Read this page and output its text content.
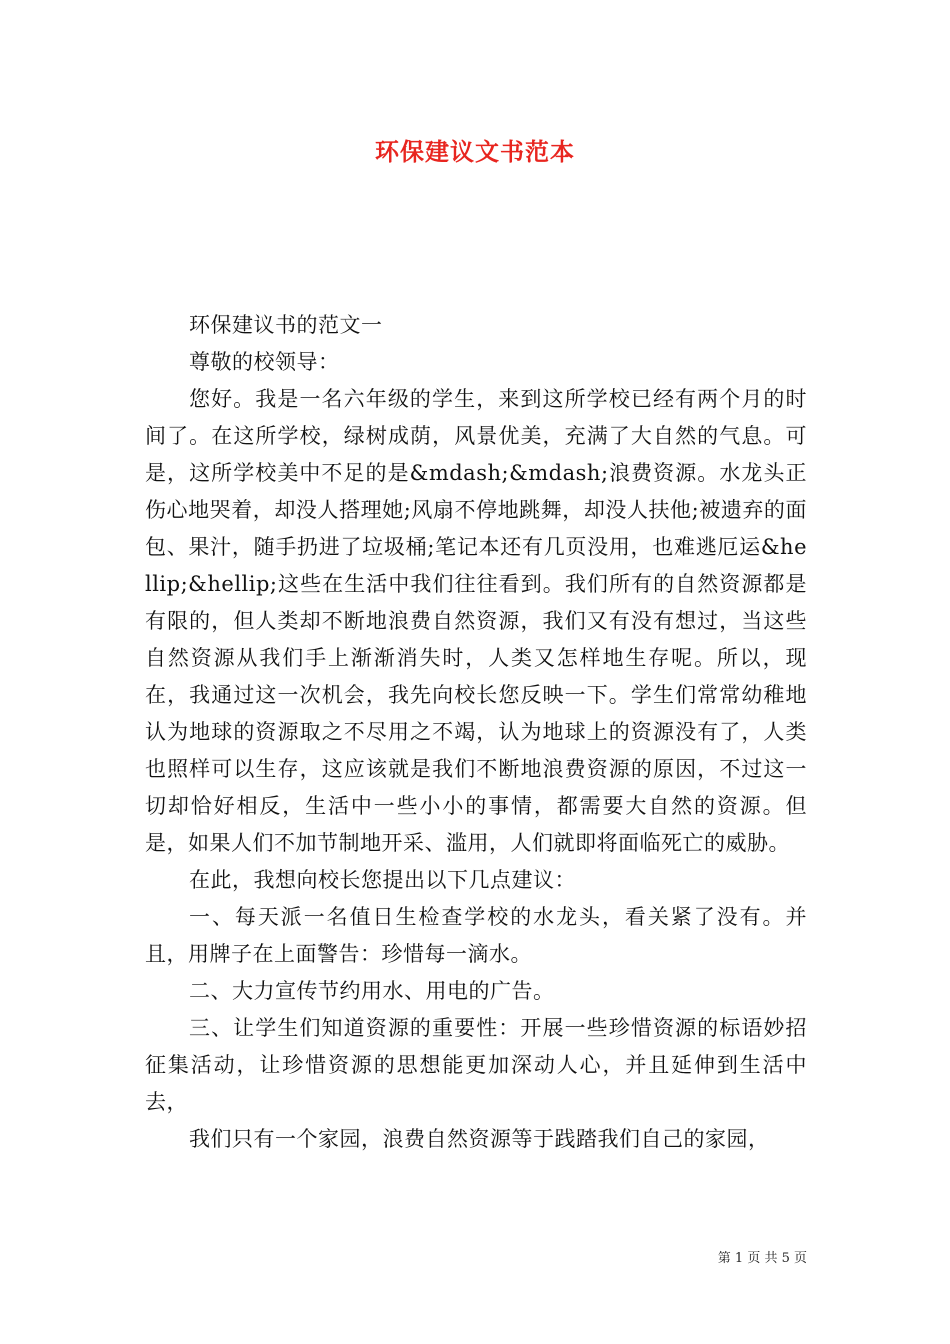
环保建议文书范本

环保建议书的范文一

尊敬的校领导：

您好。我是一名六年级的学生，来到这所学校已经有两个月的时间了。在这所学校，绿树成荫，风景优美，充满了大自然的气息。可是，这所学校美中不足的是&mdash;&mdash;浪费资源。水龙头正伤心地哭着，却没人搭理她;风扇不停地跳舞，却没人扶他;被遗弃的面包、果汁，随手扔进了垃圾桶;笔记本还有几页没用，也难逃厄运&hellip;&hellip;这些在生活中我们往往看到。我们所有的自然资源都是有限的，但人类却不断地浪费自然资源，我们又有没有想过，当这些自然资源从我们手上渐渐消失时，人类又怎样地生存呢。所以，现在，我通过这一次机会，我先向校长您反映一下。学生们常常幼稚地认为地球的资源取之不尽用之不竭，认为地球上的资源没有了，人类也照样可以生存，这应该就是我们不断地浪费资源的原因，不过这一切却恰好相反，生活中一些小小的事情，都需要大自然的资源。但是，如果人们不加节制地开采、滥用，人们就即将面临死亡的威胁。

在此，我想向校长您提出以下几点建议：

一、每天派一名值日生检查学校的水龙头，看关紧了没有。并且，用牌子在上面警告：珍惜每一滴水。

二、大力宣传节约用水、用电的广告。

三、让学生们知道资源的重要性：开展一些珍惜资源的标语妙招征集活动，让珍惜资源的思想能更加深动人心，并且延伸到生活中去，

我们只有一个家园，浪费自然资源等于践踏我们自己的家园，

第 1 页 共 5 页
